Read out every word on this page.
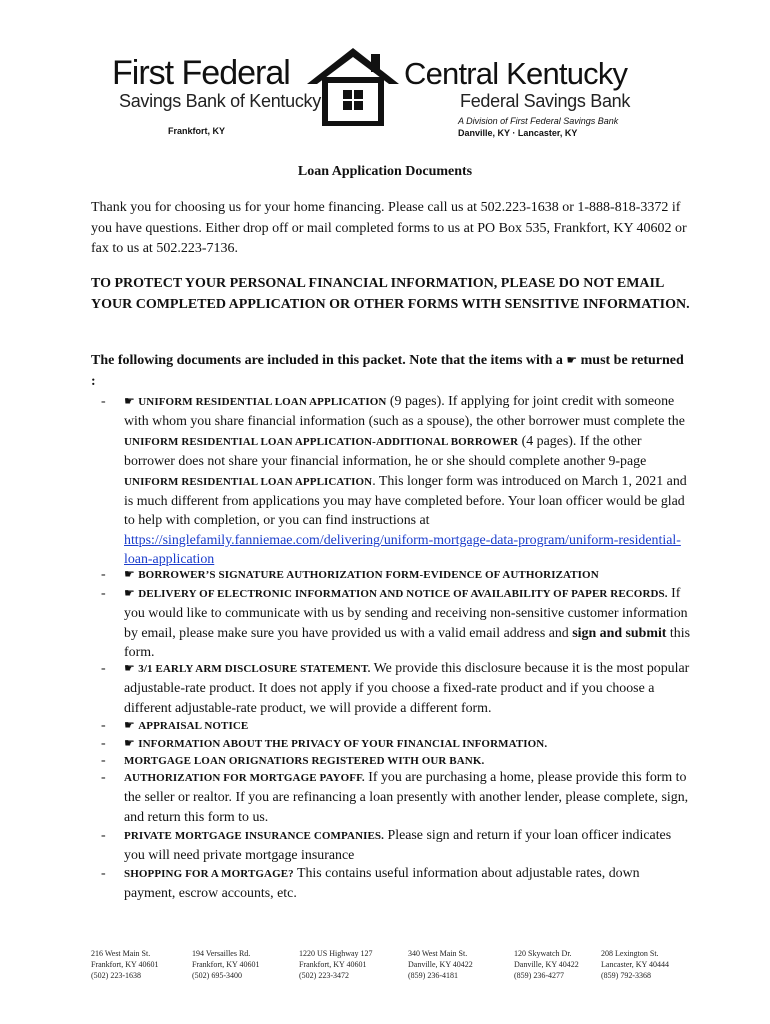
First Federal
Savings Bank of Kentucky
Frankfort, KY
Central Kentucky
Federal Savings Bank
A Division of First Federal Savings Bank
Danville, KY · Lancaster, KY
Loan Application Documents
Thank you for choosing us for your home financing. Please call us at 502.223-1638 or 1-888-818-3372 if you have questions. Either drop off or mail completed forms to us at PO Box 535, Frankfort, KY 40602 or fax to us at 502.223-7136.
TO PROTECT YOUR PERSONAL FINANCIAL INFORMATION, PLEASE DO NOT EMAIL YOUR COMPLETED APPLICATION OR OTHER FORMS WITH SENSITIVE INFORMATION.
The following documents are included in this packet. Note that the items with a ☛ must be returned :
- ☛ UNIFORM RESIDENTIAL LOAN APPLICATION (9 pages). If applying for joint credit with someone with whom you share financial information (such as a spouse), the other borrower must complete the UNIFORM RESIDENTIAL LOAN APPLICATION-ADDITIONAL BORROWER (4 pages). If the other borrower does not share your financial information, he or she should complete another 9-page UNIFORM RESIDENTIAL LOAN APPLICATION. This longer form was introduced on March 1, 2021 and is much different from applications you may have completed before. Your loan officer would be glad to help with completion, or you can find instructions at https://singlefamily.fanniemae.com/delivering/uniform-mortgage-data-program/uniform-residential-loan-application
- ☛ BORROWER’S SIGNATURE AUTHORIZATION FORM-EVIDENCE OF AUTHORIZATION
- ☛ DELIVERY OF ELECTRONIC INFORMATION AND NOTICE OF AVAILABILITY OF PAPER RECORDS. If you would like to communicate with us by sending and receiving non-sensitive customer information by email, please make sure you have provided us with a valid email address and sign and submit this form.
- ☛ 3/1 EARLY ARM DISCLOSURE STATEMENT. We provide this disclosure because it is the most popular adjustable-rate product. It does not apply if you choose a fixed-rate product and if you choose a different adjustable-rate product, we will provide a different form.
- ☛ APPRAISAL NOTICE
- ☛ INFORMATION ABOUT THE PRIVACY OF YOUR FINANCIAL INFORMATION.
- MORTGAGE LOAN ORIGNATIORS REGISTERED WITH OUR BANK.
- AUTHORIZATION FOR MORTGAGE PAYOFF. If you are purchasing a home, please provide this form to the seller or realtor. If you are refinancing a loan presently with another lender, please complete, sign, and return this form to us.
- PRIVATE MORTGAGE INSURANCE COMPANIES. Please sign and return if your loan officer indicates you will need private mortgage insurance
- SHOPPING FOR A MORTGAGE? This contains useful information about adjustable rates, down payment, escrow accounts, etc.
216 West Main St.
Frankfort, KY 40601
(502) 223-1638
194 Versailles Rd.
Frankfort, KY 40601
(502) 695-3400
1220 US Highway 127
Frankfort, KY 40601
(502) 223-3472
340 West Main St.
Danville, KY 40422
(859) 236-4181
120 Skywatch Dr.
Danville, KY 40422
(859) 236-4277
208 Lexington St.
Lancaster, KY 40444
(859) 792-3368
